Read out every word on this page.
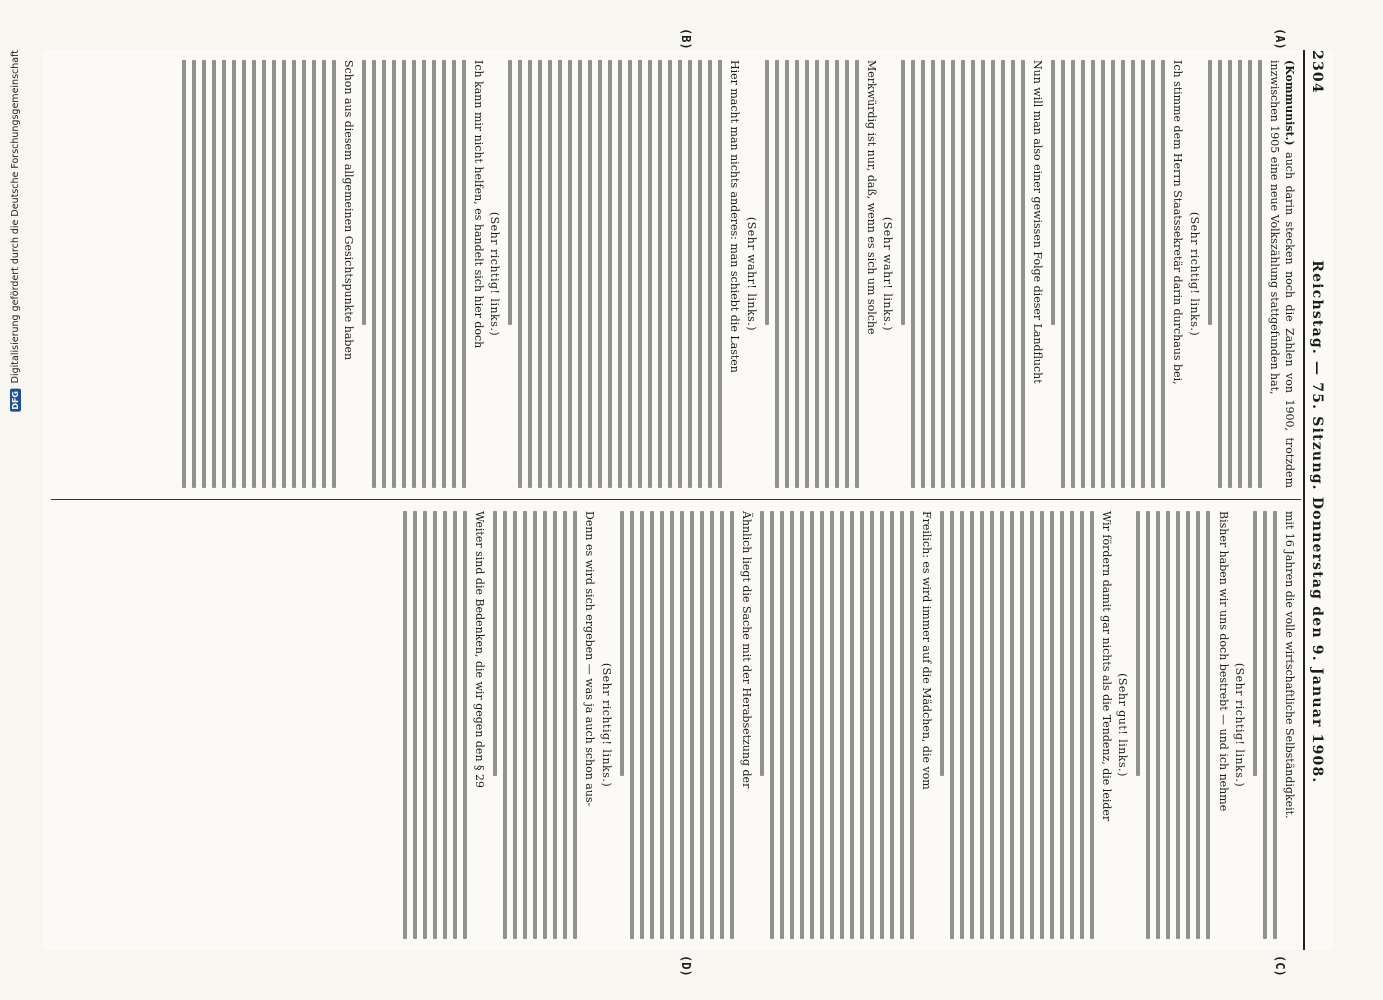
Digitalisierung gefördert durch die Deutsche Forschungsgemeinschaft
DFG
2304
Reichstag. — 75. Sitzung. Donnerstag den 9. Januar 1908.
(A)
(B)
(C)
(D)

(Kommunist.) auch darin stecken noch die Zahlen von 1900, trotzdem inzwischen 1905 eine neue Volkszählung stattgefunden hat,

(Sehr richtig! links.)

Ich stimme dem Herrn Staatssekretär darin durchaus bei,

Nun will man also einer gewissen Folge dieser Landflucht

(Sehr wahr! links.)

Merkwürdig ist nur, daß, wenn es sich um solche

(Sehr wahr! links.)

Hier macht man nichts anderes: man schiebt die Lasten

(Sehr richtig! links.)

Ich kann mir nicht helfen, es handelt sich hier doch

Schon aus diesem allgemeinen Gesichtspunkte haben

mit 16 Jahren die volle wirtschaftliche Selbständigkeit.

(Sehr richtig! links.)

Bisher haben wir uns doch bestrebt — und ich nehme

(Sehr gut! links.)

Wir fördern damit gar nichts als die Tendenz, die leider

Freilich: es wird immer auf die Mädchen, die vom

Ähnlich liegt die Sache mit der Herabsetzung der

(Sehr richtig! links.)

Denn es wird sich ergeben — was ja auch schon aus-

Weiter sind die Bedenken, die wir gegen den § 29
